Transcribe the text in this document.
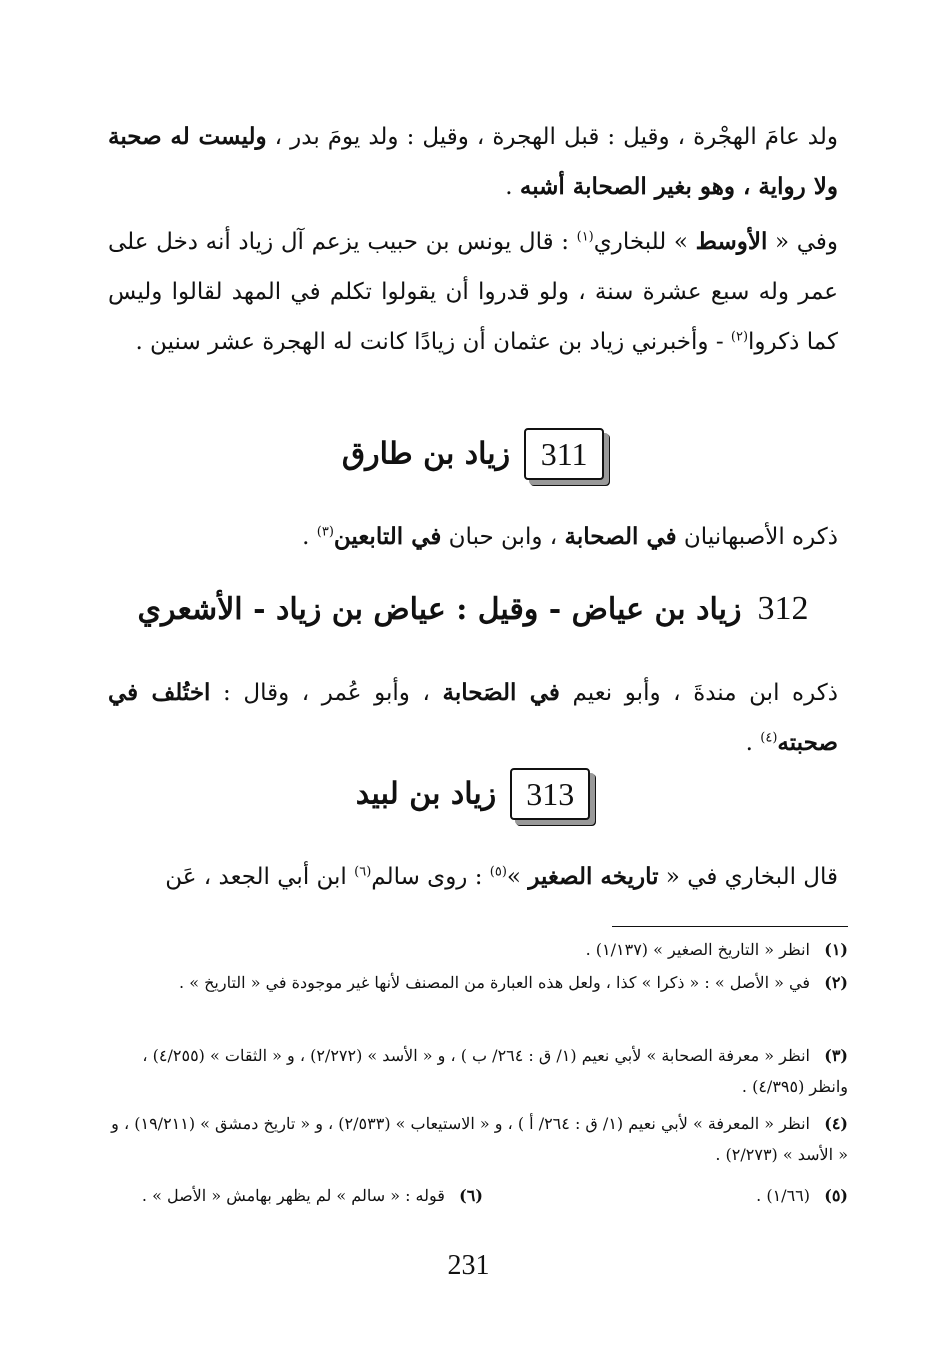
ولد عامَ الهجْرة ، وقيل : قبل الهجرة ، وقيل : ولد يومَ بدر ، وليست له صحبة ولا رواية ، وهو بغير الصحابة أشبه .

وفي « الأوسط » للبخاري$^{(١)}$ : قال يونس بن حبيب يزعم آل زياد أنه دخل على عمر وله سبع عشرة سنة ، ولو قدروا أن يقولوا تكلم في المهد لقالوا وليس كما ذكروا$^{(٢)}$ - وأخبرني زياد بن عثمان أن زيادًا كانت له الهجرة عشر سنين .

311زياد بن طارق

ذكره الأصبهانيان في الصحابة ، وابن حبان في التابعين$^{(٣)}$ .

312زياد بن عياض - وقيل : عياض بن زياد - الأشعري

ذكره ابن مندةَ ، وأبو نعيم في الصَحابة ، وأبو عُمر ، وقال : اختُلف في صحبته$^{(٤)}$ .

313زياد بن لبيد

قال البخاري في « تاريخه الصغير »$^{(٥)}$ : روى سالم$^{(٦)}$ ابن أبي الجعد ، عَن

(١)انظر « التاريخ الصغير » (١/١٣٧) .
(٢)في « الأصل » : « ذكرا » كذا ، ولعل هذه العبارة من المصنف لأنها غير موجودة في « التاريخ » .
(٣)انظر « معرفة الصحابة » لأبي نعيم (١/ ق : ٢٦٤/ ب ) ، و « الأسد » (٢/٢٧٢) ، و « الثقات » (٤/٢٥٥) ، وانظر (٤/٣٩٥) .
(٤)انظر « المعرفة » لأبي نعيم (١/ ق : ٢٦٤/ أ ) ، و « الاستيعاب » (٢/٥٣٣) ، و « تاريخ دمشق » (١٩/٢١١) ، و « الأسد » (٢/٢٧٣) .
(٥)(١/٦٦) . (٦)قوله : « سالم » لم يظهر بهامش « الأصل » .
231
